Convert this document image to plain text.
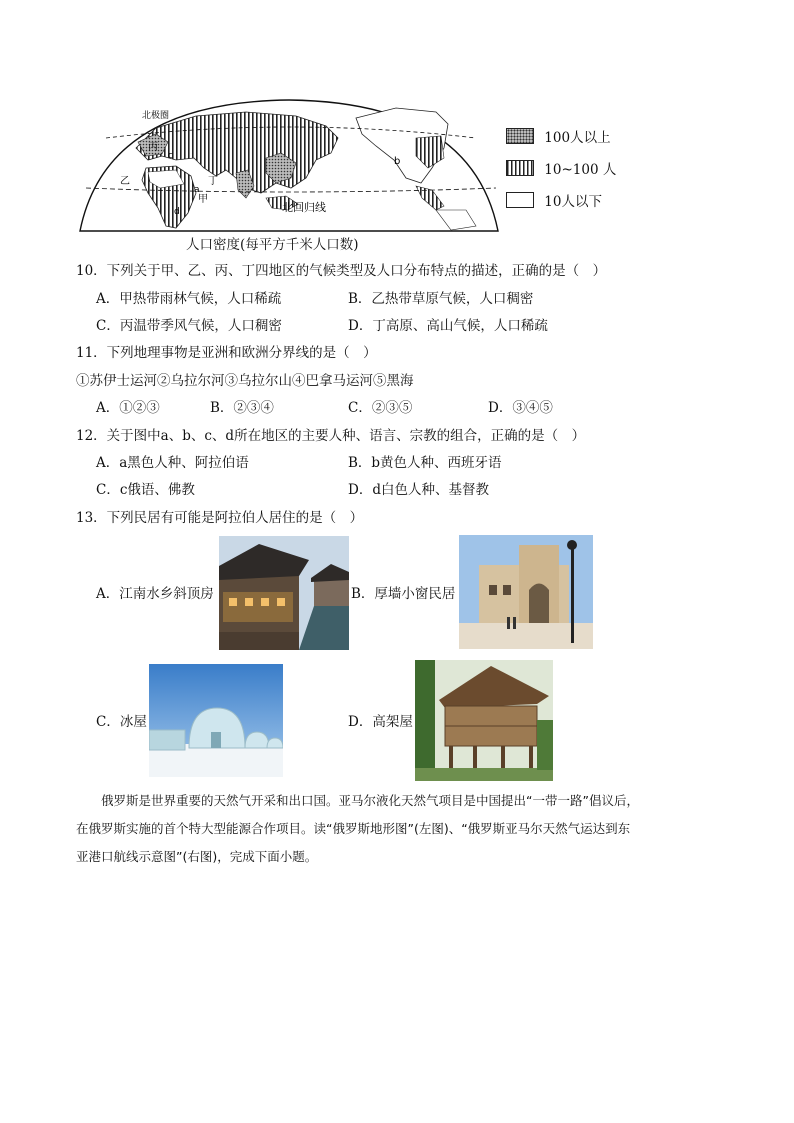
北极圈
北回归线
甲
乙
丙
丁
a
b
c
d
100人以上
10~100 人
10人以下
人口密度(每平方千米人口数)
10．下列关于甲、乙、丙、丁四地区的气候类型及人口分布特点的描述，正确的是（　）
A．甲热带雨林气候，人口稀疏	B．乙热带草原气候，人口稠密
C．丙温带季风气候，人口稠密	D．丁高原、高山气候，人口稀疏
11．下列地理事物是亚洲和欧洲分界线的是（　）
①苏伊士运河②乌拉尔河③乌拉尔山④巴拿马运河⑤黑海
A．①②③	B．②③④	C．②③⑤	D．③④⑤
12．关于图中a、b、c、d所在地区的主要人种、语言、宗教的组合，正确的是（　）
A．a黑色人种、阿拉伯语	B．b黄色人种、西班牙语
C．c俄语、佛教	D．d白色人种、基督教
13．下列民居有可能是阿拉伯人居住的是（　）
A．江南水乡斜顶房	B．厚墙小窗民居
C．冰屋	D．高架屋
俄罗斯是世界重要的天然气开采和出口国。亚马尔液化天然气项目是中国提出“一带一路”倡议后，
在俄罗斯实施的首个特大型能源合作项目。读“俄罗斯地形图”(左图)、“俄罗斯亚马尔天然气运达到东
亚港口航线示意图”(右图)，完成下面小题。
